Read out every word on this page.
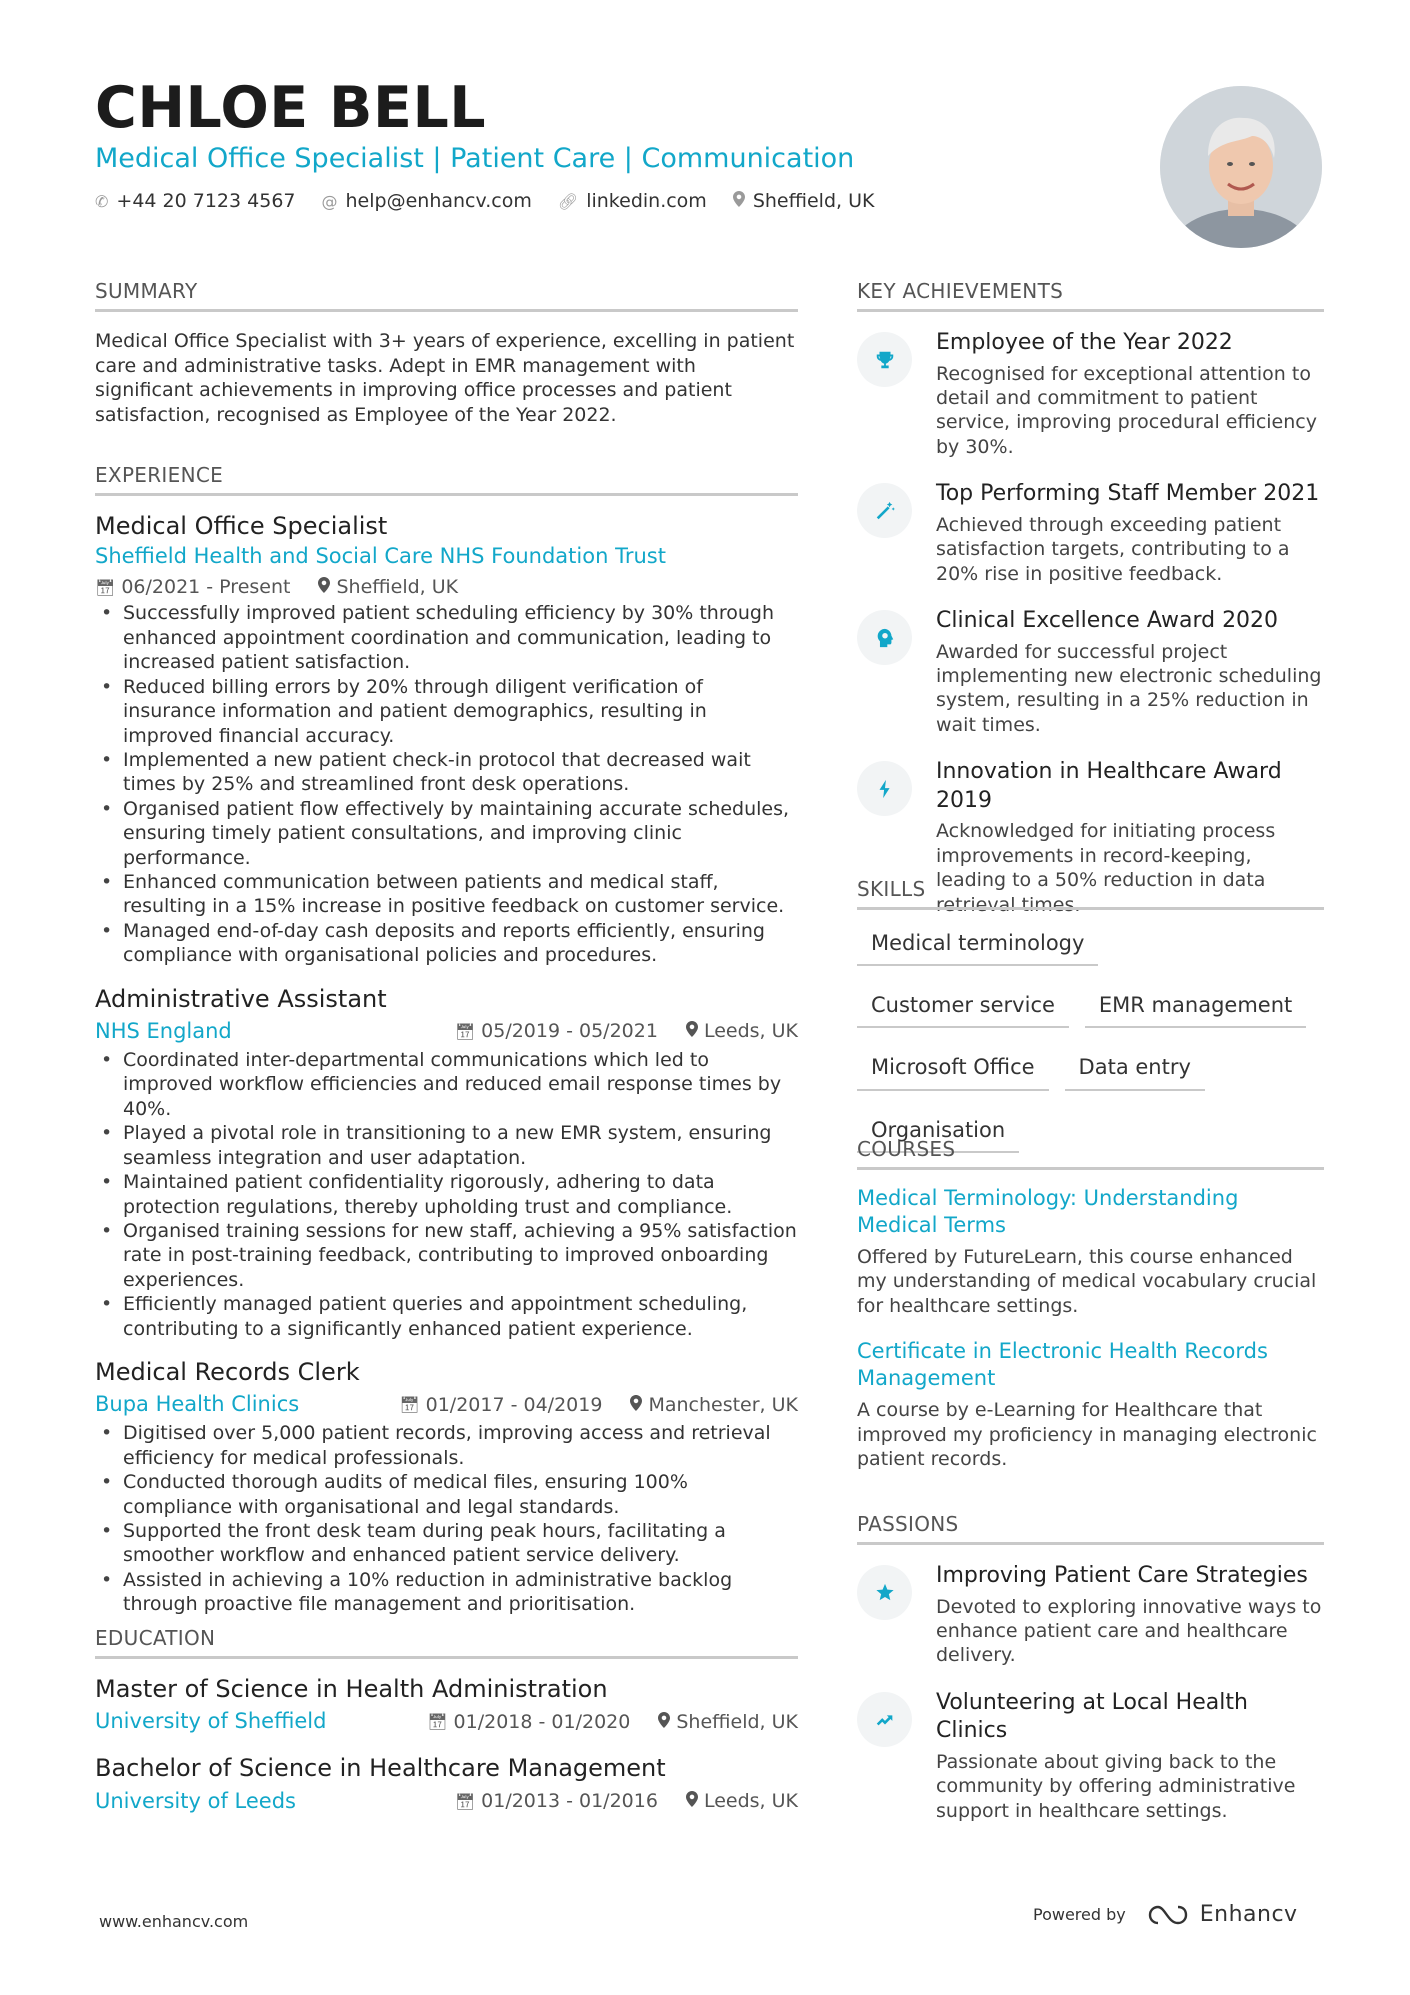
CHLOE BELL
Medical Office Specialist | Patient Care | Communication
✆ +44 20 7123 4567 @ help@enhancv.com 🔗︎ linkedin.com Sheffield, UK
SUMMARY
Medical Office Specialist with 3+ years of experience, excelling in patient care and administrative tasks. Adept in EMR management with significant achievements in improving office processes and patient satisfaction, recognised as Employee of the Year 2022.
EXPERIENCE
Medical Office Specialist
Sheffield Health and Social Care NHS Foundation Trust
📅︎ 06/2021 - Present Sheffield, UK
• Successfully improved patient scheduling efficiency by 30% through enhanced appointment coordination and communication, leading to increased patient satisfaction.
• Reduced billing errors by 20% through diligent verification of insurance information and patient demographics, resulting in improved financial accuracy.
• Implemented a new patient check-in protocol that decreased wait times by 25% and streamlined front desk operations.
• Organised patient flow effectively by maintaining accurate schedules, ensuring timely patient consultations, and improving clinic performance.
• Enhanced communication between patients and medical staff, resulting in a 15% increase in positive feedback on customer service.
• Managed end-of-day cash deposits and reports efficiently, ensuring compliance with organisational policies and procedures.
Administrative Assistant
NHS England	📅︎ 05/2019 - 05/2021 Leeds, UK
• Coordinated inter-departmental communications which led to improved workflow efficiencies and reduced email response times by 40%.
• Played a pivotal role in transitioning to a new EMR system, ensuring seamless integration and user adaptation.
• Maintained patient confidentiality rigorously, adhering to data protection regulations, thereby upholding trust and compliance.
• Organised training sessions for new staff, achieving a 95% satisfaction rate in post-training feedback, contributing to improved onboarding experiences.
• Efficiently managed patient queries and appointment scheduling, contributing to a significantly enhanced patient experience.
Medical Records Clerk
Bupa Health Clinics	📅︎ 01/2017 - 04/2019 Manchester, UK
• Digitised over 5,000 patient records, improving access and retrieval efficiency for medical professionals.
• Conducted thorough audits of medical files, ensuring 100% compliance with organisational and legal standards.
• Supported the front desk team during peak hours, facilitating a smoother workflow and enhanced patient service delivery.
• Assisted in achieving a 10% reduction in administrative backlog through proactive file management and prioritisation.
EDUCATION
Master of Science in Health Administration
University of Sheffield	📅︎ 01/2018 - 01/2020 Sheffield, UK
Bachelor of Science in Healthcare Management
University of Leeds	📅︎ 01/2013 - 01/2016 Leeds, UK
KEY ACHIEVEMENTS
Employee of the Year 2022
Recognised for exceptional attention to detail and commitment to patient service, improving procedural efficiency by 30%.
Top Performing Staff Member 2021
Achieved through exceeding patient satisfaction targets, contributing to a 20% rise in positive feedback.
Clinical Excellence Award 2020
Awarded for successful project implementing new electronic scheduling system, resulting in a 25% reduction in wait times.
Innovation in Healthcare Award 2019
Acknowledged for initiating process improvements in record-keeping, leading to a 50% reduction in data retrieval times.
SKILLS
Medical terminology
Customer service	EMR management
Microsoft Office	Data entry
Organisation
COURSES
Medical Terminology: Understanding Medical Terms
Offered by FutureLearn, this course enhanced my understanding of medical vocabulary crucial for healthcare settings.
Certificate in Electronic Health Records Management
A course by e-Learning for Healthcare that improved my proficiency in managing electronic patient records.
PASSIONS
Improving Patient Care Strategies
Devoted to exploring innovative ways to enhance patient care and healthcare delivery.
Volunteering at Local Health Clinics
Passionate about giving back to the community by offering administrative support in healthcare settings.
www.enhancv.com	Powered by	Enhancv
